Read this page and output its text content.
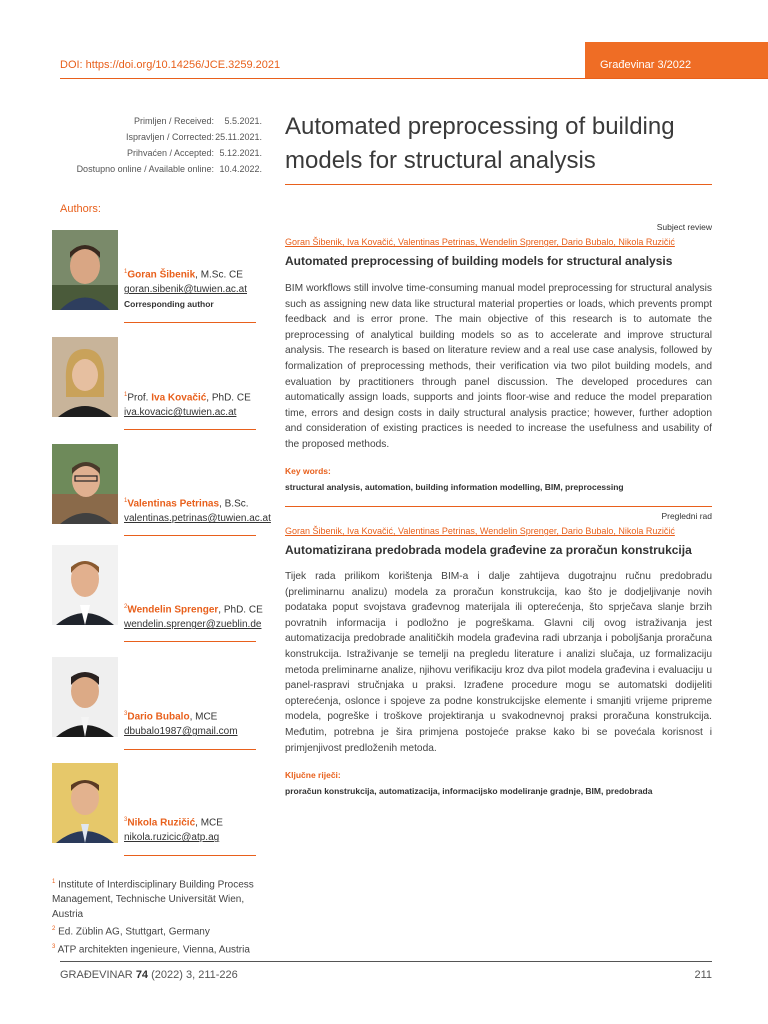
DOI: https://doi.org/10.14256/JCE.3259.2021	Građevinar 3/2022
Primljen / Received:	5.5.2021.
Ispravljen / Corrected: 25.11.2021.
Prihvaćen / Accepted: 5.12.2021.
Dostupno online / Available online: 10.4.2022.
Automated preprocessing of building models for structural analysis
Authors:
$^1$Goran Šibenik, M.Sc. CE
goran.sibenik@tuwien.ac.at
Corresponding author
$^1$Prof. Iva Kovačić, PhD. CE
iva.kovacic@tuwien.ac.at
$^1$Valentinas Petrinas, B.Sc.
valentinas.petrinas@tuwien.ac.at
$^2$Wendelin Sprenger, PhD. CE
wendelin.sprenger@zueblin.de
$^3$Dario Bubalo, MCE
dbubalo1987@gmail.com
$^3$Nikola Ruzičić, MCE
nikola.ruzicic@atp.ag
$^1$ Institute of Interdisciplinary Building Process Management, Technische Universität Wien, Austria
$^2$ Ed. Züblin AG, Stuttgart, Germany
$^3$ ATP architekten ingenieure, Vienna, Austria
Subject review
Goran Šibenik, Iva Kovačić, Valentinas Petrinas, Wendelin Sprenger, Dario Bubalo, Nikola Ruzičić
Automated preprocessing of building models for structural analysis
BIM workflows still involve time-consuming manual model preprocessing for structural analysis such as assigning new data like structural material properties or loads, which prevents prompt feedback and is error prone. The main objective of this research is to automate the preprocessing of analytical building models so as to accelerate and improve structural analysis. The research is based on literature review and a real use case analysis, followed by formalization of preprocessing methods, their verification via two pilot building models, and evaluation by practitioners through panel discussion. The developed procedures can automatically assign loads, supports and joints floor-wise and reduce the model preparation time, errors and design costs in daily structural analysis practice; however, further adoption and consideration of existing practices is needed to increase the usefulness and usability of the proposed methods.
Key words:
structural analysis, automation, building information modelling, BIM, preprocessing
Pregledni rad
Goran Šibenik, Iva Kovačić, Valentinas Petrinas, Wendelin Sprenger, Dario Bubalo, Nikola Ruzičić
Automatizirana predobrada modela građevine za proračun konstrukcija
Tijek rada prilikom korištenja BIM-a i dalje zahtijeva dugotrajnu ručnu predobradu (preliminarnu analizu) modela za proračun konstrukcija, kao što je dodjeljivanje novih podataka poput svojstava građevnog materijala ili opterećenja, što sprječava slanje brzih povratnih informacija i podložno je pogreškama. Glavni cilj ovog istraživanja jest automatizacija predobrade analitičkih modela građevina radi ubrzanja i poboljšanja proračuna konstrukcija. Istraživanje se temelji na pregledu literature i analizi slučaja, uz formalizaciju metoda preliminarne analize, njihovu verifikaciju kroz dva pilot modela građevina i evaluaciju u panel-raspravi stručnjaka u praksi. Izrađene procedure mogu se automatski dodijeliti opterećenja, oslonce i spojeve za podne konstrukcijske elemente i smanjiti vrijeme pripreme modela, pogreške i troškove projektiranja u svakodnevnoj praksi proračuna konstrukcija. Međutim, potrebna je šira primjena postojeće prakse kako bi se povećala korisnost i primjenjivost predloženih metoda.
Ključne riječi:
proračun konstrukcija, automatizacija, informacijsko modeliranje gradnje, BIM, predobrada
GRAĐEVINAR 74 (2022) 3, 211-226	211
